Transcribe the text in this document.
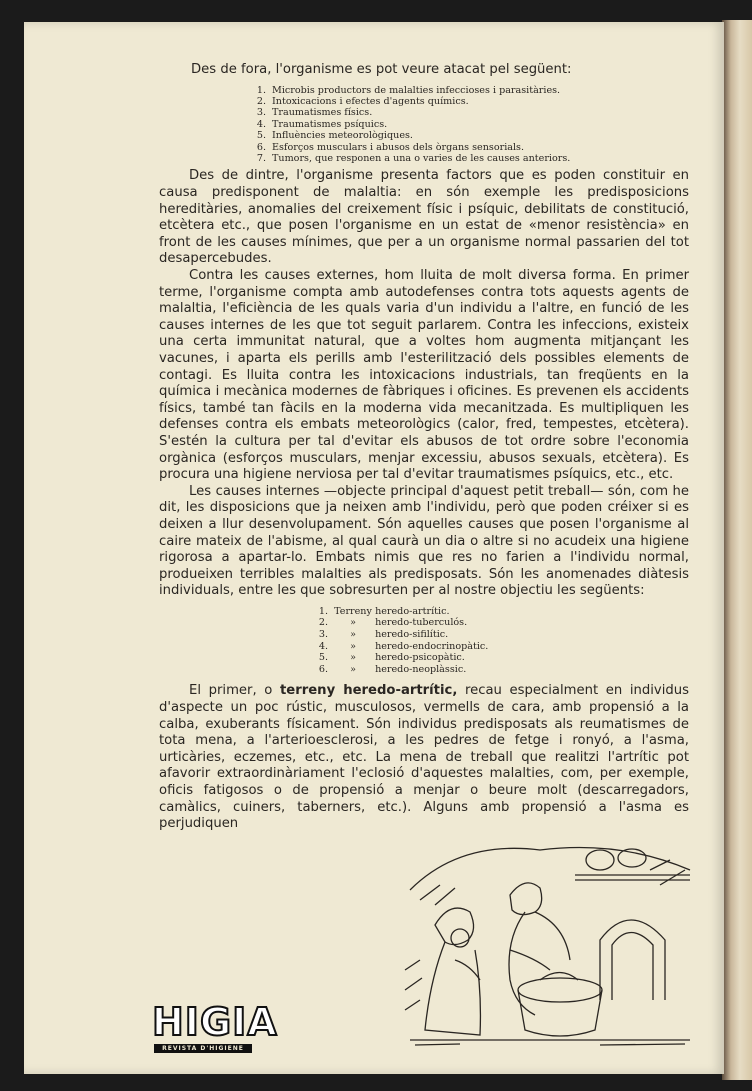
Des de fora, l'organisme es pot veure atacat pel següent:

1. Microbis productors de malalties infeccioses i parasitàries.
2. Intoxicacions i efectes d'agents químics.
3. Traumatismes físics.
4. Traumatismes psíquics.
5. Influències meteorològiques.
6. Esforços musculars i abusos dels òrgans sensorials.
7. Tumors, que responen a una o varies de les causes anteriors.

Des de dintre, l'organisme presenta factors que es poden constituir en causa predisponent de malaltia: en són exemple les predisposicions hereditàries, anomalies del creixement físic i psíquic, debilitats de constitució, etcètera etc., que posen l'organisme en un estat de «menor resistència» en front de les causes mínimes, que per a un organisme normal passarien del tot desapercebudes.

Contra les causes externes, hom lluita de molt diversa forma. En primer terme, l'organisme compta amb autodefenses contra tots aquests agents de malaltia, l'eficiència de les quals varia d'un individu a l'altre, en funció de les causes internes de les que tot seguit parlarem. Contra les infeccions, existeix una certa immunitat natural, que a voltes hom augmenta mitjançant les vacunes, i aparta els perills amb l'esterilització dels possibles elements de contagi. Es lluita contra les intoxicacions industrials, tan freqüents en la química i mecànica modernes de fàbriques i oficines. Es prevenen els accidents físics, també tan fàcils en la moderna vida mecanitzada. Es multipliquen les defenses contra els embats meteorològics (calor, fred, tempestes, etcètera). S'estén la cultura per tal d'evitar els abusos de tot ordre sobre l'economia orgànica (esforços musculars, menjar excessiu, abusos sexuals, etcètera). Es procura una higiene nerviosa per tal d'evitar traumatismes psíquics, etc., etc.

Les causes internes —objecte principal d'aquest petit treball— són, com he dit, les disposicions que ja neixen amb l'individu, però que poden créixer si es deixen a llur desenvolupament. Són aquelles causes que posen l'organisme al caire mateix de l'abisme, al qual caurà un dia o altre si no acudeix una higiene rigorosa a apartar-lo. Embats nimis que res no farien a l'individu normal, produeixen terribles malalties als predisposats. Són les anomenades diàtesis individuals, entre les que sobresurten per al nostre objectiu les següents:

1. Terreny heredo-artrític.
2. » heredo-tuberculós.
3. » heredo-sifilític.
4. » heredo-endocrinopàtic.
5. » heredo-psicopàtic.
6. » heredo-neoplàssic.

El primer, o terreny heredo-artrític, recau especialment en individus d'aspecte un poc rústic, musculosos, vermells de cara, amb propensió a la calba, exuberants físicament. Són individus predisposats als reumatismes de tota mena, a l'arterioesclerosi, a les pedres de fetge i ronyó, a l'asma, urticàries, eczemes, etc., etc. La mena de treball que realitzi l'artrític pot afavorir extraordinàriament l'eclosió d'aquestes malalties, com, per exemple, oficis fatigosos o de propensió a menjar o beure molt (descarregadors, camàlics, cuiners, taberners, etc.). Alguns amb propensió a l'asma es perjudiquen

HIGIA
REVISTA D'HIGIENE
